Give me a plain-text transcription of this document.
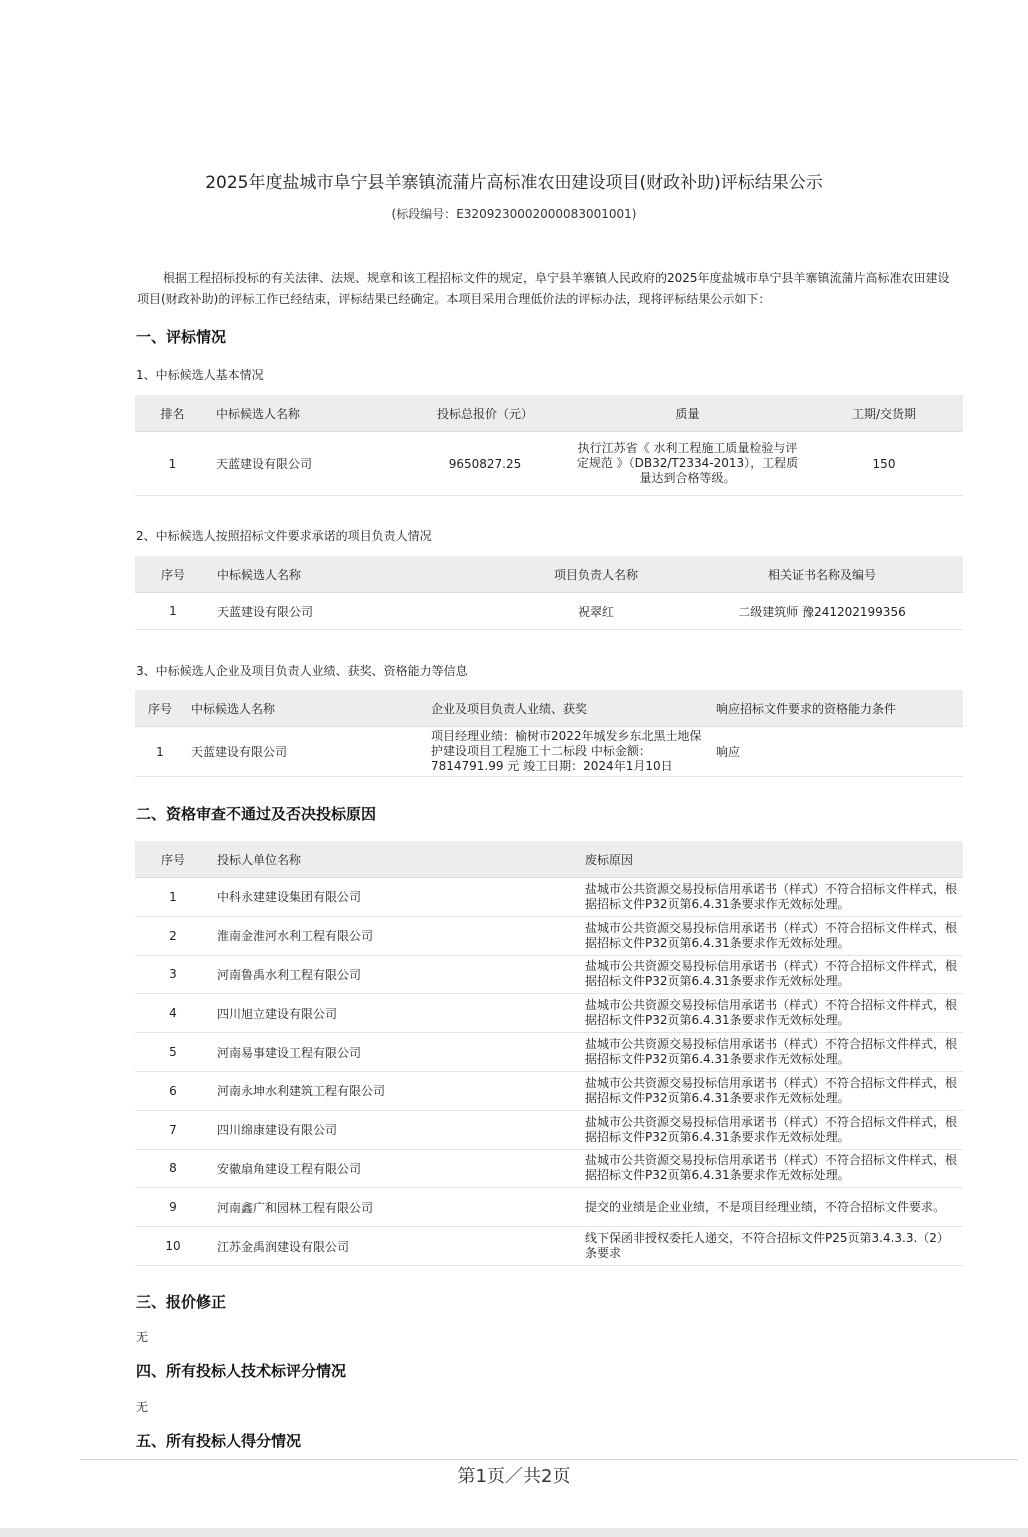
2025年度盐城市阜宁县羊寨镇流蒲片高标准农田建设项目(财政补助)评标结果公示
(标段编号：E3209230002000083001001)
根据工程招标投标的有关法律、法规、规章和该工程招标文件的规定，阜宁县羊寨镇人民政府的2025年度盐城市阜宁县羊寨镇流蒲片高标准农田建设项目(财政补助)的评标工作已经结束，评标结果已经确定。本项目采用合理低价法的评标办法，现将评标结果公示如下：
一、评标情况
1、中标候选人基本情况
排名	中标候选人名称	投标总报价（元）	质量	工期/交货期
1	天蓝建设有限公司	9650827.25	执行江苏省《 水利工程施工质量检验与评定规范 》（DB32/T2334-2013），工程质量达到合格等级。	150
2、中标候选人按照招标文件要求承诺的项目负责人情况
序号	中标候选人名称	项目负责人名称	相关证书名称及编号
1	天蓝建设有限公司	祝翠红	二级建筑师 豫241202199356
3、中标候选人企业及项目负责人业绩、获奖、资格能力等信息
序号	中标候选人名称	企业及项目负责人业绩、获奖	响应招标文件要求的资格能力条件
1	天蓝建设有限公司	项目经理业绩：榆树市2022年城发乡东北黑土地保护建设项目工程施工十二标段 中标金额：7814791.99 元 竣工日期：2024年1月10日	响应
二、资格审查不通过及否决投标原因
序号	投标人单位名称	废标原因
1	中科永建建设集团有限公司	盐城市公共资源交易投标信用承诺书（样式）不符合招标文件样式，根据招标文件P32页第6.4.31条要求作无效标处理。
2	淮南金淮河水利工程有限公司	盐城市公共资源交易投标信用承诺书（样式）不符合招标文件样式，根据招标文件P32页第6.4.31条要求作无效标处理。
3	河南鲁禹水利工程有限公司	盐城市公共资源交易投标信用承诺书（样式）不符合招标文件样式，根据招标文件P32页第6.4.31条要求作无效标处理。
4	四川旭立建设有限公司	盐城市公共资源交易投标信用承诺书（样式）不符合招标文件样式，根据招标文件P32页第6.4.31条要求作无效标处理。
5	河南易事建设工程有限公司	盐城市公共资源交易投标信用承诺书（样式）不符合招标文件样式，根据招标文件P32页第6.4.31条要求作无效标处理。
6	河南永坤水利建筑工程有限公司	盐城市公共资源交易投标信用承诺书（样式）不符合招标文件样式，根据招标文件P32页第6.4.31条要求作无效标处理。
7	四川绵康建设有限公司	盐城市公共资源交易投标信用承诺书（样式）不符合招标文件样式，根据招标文件P32页第6.4.31条要求作无效标处理。
8	安徽扇角建设工程有限公司	盐城市公共资源交易投标信用承诺书（样式）不符合招标文件样式，根据招标文件P32页第6.4.31条要求作无效标处理。
9	河南鑫广和园林工程有限公司	提交的业绩是企业业绩，不是项目经理业绩，不符合招标文件要求。
10	江苏金禹润建设有限公司	线下保函非授权委托人递交，不符合招标文件P25页第3.4.3.3.（2）条要求
三、报价修正
无
四、所有投标人技术标评分情况
无
五、所有投标人得分情况
第1页／共2页
